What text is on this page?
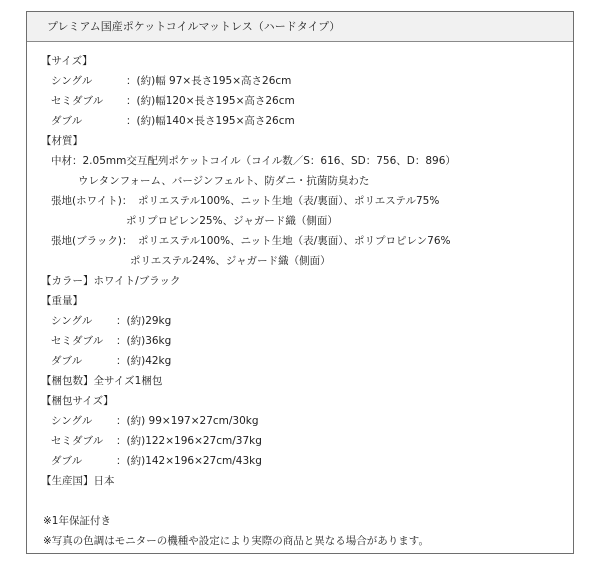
プレミアム国産ポケットコイルマットレス（ハードタイプ）
【サイズ】
シングル	：(約)幅 97×長さ195×高さ26cm
セミダブル ：(約)幅120×長さ195×高さ26cm
ダブル	：(約)幅140×長さ195×高さ26cm
【材質】
中材：2.05mm交互配列ポケットコイル（コイル数／S：616、SD：756、D：896）
ウレタンフォーム、バージンフェルト、防ダニ・抗菌防臭わた
張地(ホワイト)： ポリエステル100%、ニット生地（表/裏面）、ポリエステル75%
ポリプロピレン25%、ジャガード織（側面）
張地(ブラック)： ポリエステル100%、ニット生地（表/裏面）、ポリプロピレン76%
ポリエステル24%、ジャガード織（側面）
【カラー】ホワイト/ブラック
【重量】
シングル ：(約)29kg
セミダブル ：(約)36kg
ダブル	：(約)42kg
【梱包数】全サイズ1梱包
【梱包サイズ】
シングル ：(約) 99×197×27cm/30kg
セミダブル ：(約)122×196×27cm/37kg
ダブル	：(約)142×196×27cm/43kg
【生産国】日本
※1年保証付き
※写真の色調はモニターの機種や設定により実際の商品と異なる場合があります。
